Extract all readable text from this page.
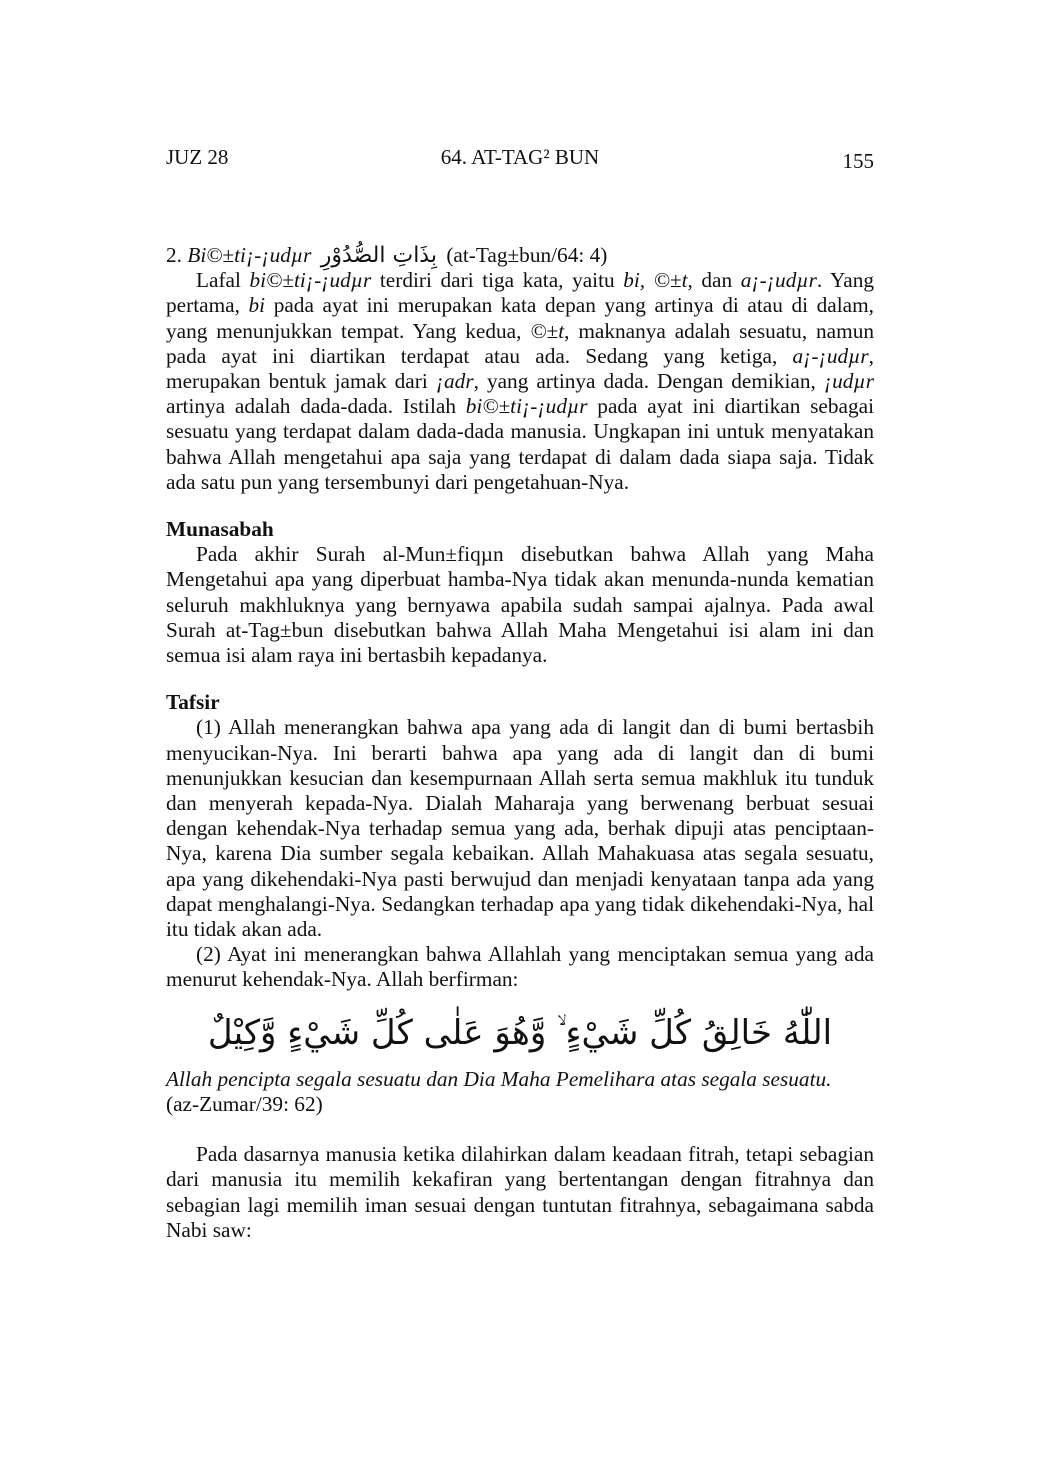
JUZ 28	64. AT-TAG² BUN	155

2. Bi©±ti¡-¡udµr بِذَاتِ الصُّدُوْرِ (at-Tag±bun/64: 4)

Lafal bi©±ti¡-¡udµr terdiri dari tiga kata, yaitu bi, ©±t, dan a¡-¡udµr. Yang pertama, bi pada ayat ini merupakan kata depan yang artinya di atau di dalam, yang menunjukkan tempat. Yang kedua, ©±t, maknanya adalah sesuatu, namun pada ayat ini diartikan terdapat atau ada. Sedang yang ketiga, a¡-¡udµr, merupakan bentuk jamak dari ¡adr, yang artinya dada. Dengan demikian, ¡udµr artinya adalah dada-dada. Istilah bi©±ti¡-¡udµr pada ayat ini diartikan sebagai sesuatu yang terdapat dalam dada-dada manusia. Ungkapan ini untuk menyatakan bahwa Allah mengetahui apa saja yang terdapat di dalam dada siapa saja. Tidak ada satu pun yang tersembunyi dari pengetahuan-Nya.

Munasabah

Pada akhir Surah al-Mun±fiqµn disebutkan bahwa Allah yang Maha Mengetahui apa yang diperbuat hamba-Nya tidak akan menunda-nunda kematian seluruh makhluknya yang bernyawa apabila sudah sampai ajalnya. Pada awal Surah at-Tag±bun disebutkan bahwa Allah Maha Mengetahui isi alam ini dan semua isi alam raya ini bertasbih kepadanya.

Tafsir

(1) Allah menerangkan bahwa apa yang ada di langit dan di bumi bertasbih menyucikan-Nya. Ini berarti bahwa apa yang ada di langit dan di bumi menunjukkan kesucian dan kesempurnaan Allah serta semua makhluk itu tunduk dan menyerah kepada-Nya. Dialah Maharaja yang berwenang berbuat sesuai dengan kehendak-Nya terhadap semua yang ada, berhak dipuji atas penciptaan-Nya, karena Dia sumber segala kebaikan. Allah Mahakuasa atas segala sesuatu, apa yang dikehendaki-Nya pasti berwujud dan menjadi kenyataan tanpa ada yang dapat menghalangi-Nya. Sedangkan terhadap apa yang tidak dikehendaki-Nya, hal itu tidak akan ada.

(2) Ayat ini menerangkan bahwa Allahlah yang menciptakan semua yang ada menurut kehendak-Nya. Allah berfirman:

اللّٰهُ خَالِقُ كُلِّ شَيْءٍ ۙ وَّهُوَ عَلٰى كُلِّ شَيْءٍ وَّكِيْلٌ

Allah pencipta segala sesuatu dan Dia Maha Pemelihara atas segala sesuatu.

(az-Zumar/39: 62)

Pada dasarnya manusia ketika dilahirkan dalam keadaan fitrah, tetapi sebagian dari manusia itu memilih kekafiran yang bertentangan dengan fitrahnya dan sebagian lagi memilih iman sesuai dengan tuntutan fitrahnya, sebagaimana sabda Nabi saw:
